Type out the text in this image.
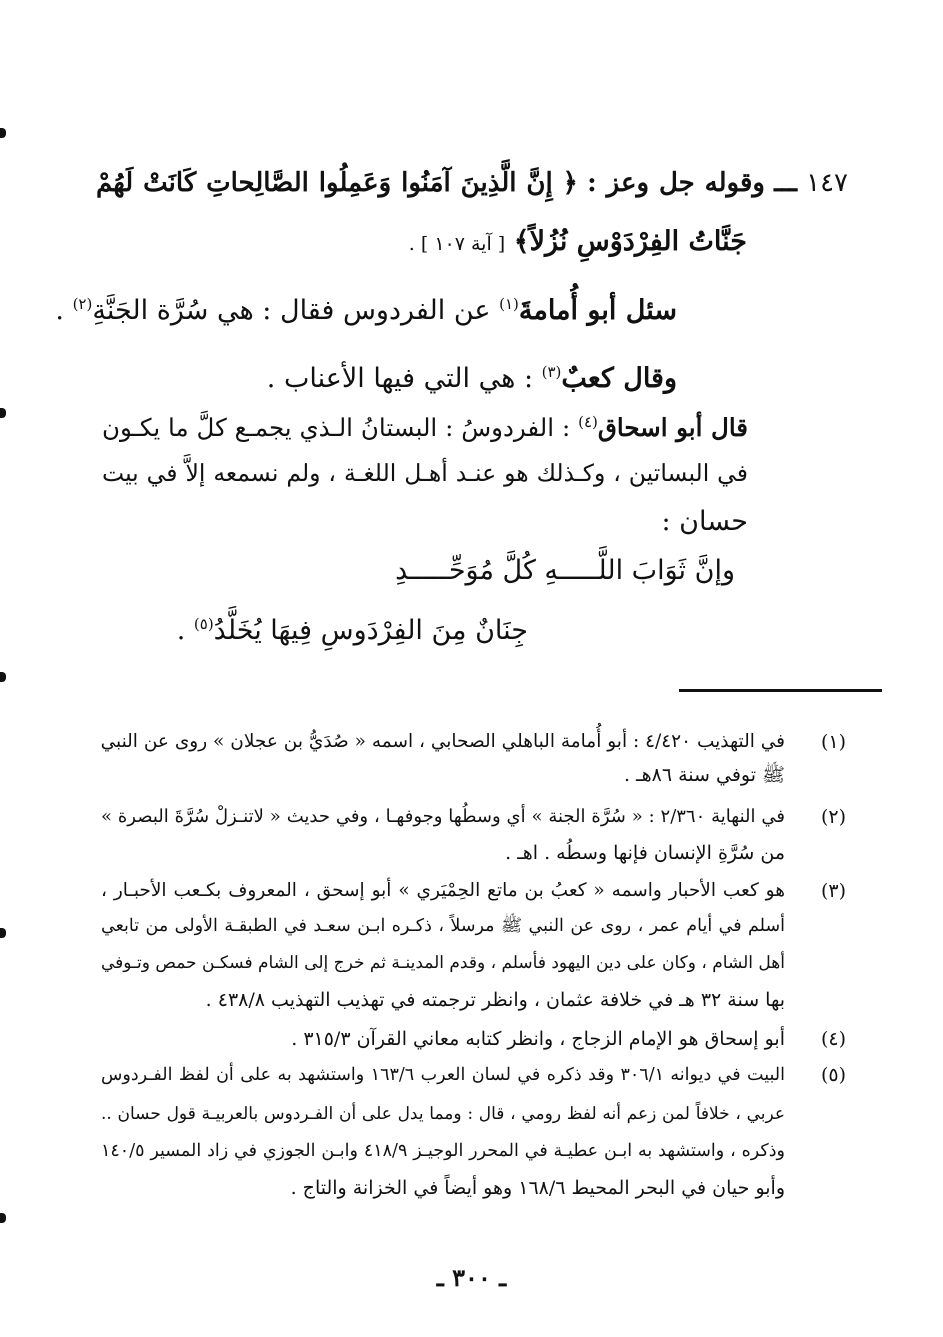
١٤٧ ـــ وقوله جل وعز : ﴿ إِنَّ الَّذِينَ آمَنُوا وَعَمِلُوا الصَّالِحاتِ كَانَتْ لَهُمْ
جَنَّاتُ الفِرْدَوْسِ نُزُلاً﴾ [ آية ١٠٧ ] .
سئل أبو أُمامةَ$^{(١)}$ عن الفردوس فقال : هي سُرَّة الجَنَّةِ$^{(٢)}$ .
وقال كعبٌ$^{(٣)}$ : هي التي فيها الأعناب .
قال أبو اسحاق$^{(٤)}$ : الفردوسُ : البستانُ الـذي يجمـع كلَّ ما يكـون
في البساتين ، وكـذلك هو عنـد أهـل اللغـة ، ولم نسمعه إلاَّ في بيت
حسان :
وإنَّ ثَوَابَ اللَّـــــهِ كُلَّ مُوَحِّـــــدِ
جِنَانٌ مِنَ الفِرْدَوسِ فِيهَا يُخَلَّدُ$^{(٥)}$ .
(١)
في التهذيب ٤/٤٢٠ : أبو أُمامة الباهلي الصحابي ، اسمه « صُدَيُّ بن عجلان » روى عن النبي
ﷺ توفي سنة ٨٦هـ .
(٢)
في النهاية ٢/٣٦٠ : « سُرَّة الجنة » أي وسطُها وجوفهـا ، وفي حديث « لاتنـزلْ سُرَّةَ البصرة »
من سُرَّةِ الإنسان فإنها وسطُه . اهـ .
(٣)
هو كعب الأحبار واسمه « كعبُ بن ماتع الحِمْيَري » أبو إسحق ، المعروف بكـعب الأحبـار ،
أسلم في أيام عمر ، روى عن النبي ﷺ مرسلاً ، ذكـره ابـن سعـد في الطبقـة الأولى من تابعي
أهل الشام ، وكان على دين اليهود فأسلم ، وقدم المدينـة ثم خرج إلى الشام فسكـن حمص وتـوفي
بها سنة ٣٢ هـ في خلافة عثمان ، وانظر ترجمته في تهذيب التهذيب ٤٣٨/٨ .
(٤)
أبو إسحاق هو الإمام الزجاج ، وانظر كتابه معاني القرآن ٣١٥/٣ .
(٥)
البيت في ديوانه ٣٠٦/١ وقد ذكره في لسان العرب ١٦٣/٦ واستشهد به على أن لفظ الفـردوس
عربي ، خلافاً لمن زعم أنه لفظ رومي ، قال : ومما يدل على أن الفـردوس بالعربيـة قول حسان ..
وذكره ، واستشهد به ابـن عطيـة في المحرر الوجيـز ٤١٨/٩ وابـن الجوزي في زاد المسير ١٤٠/٥
وأبو حيان في البحر المحيط ١٦٨/٦ وهو أيضاً في الخزانة والتاج .
ـ ٣٠٠ ـ
